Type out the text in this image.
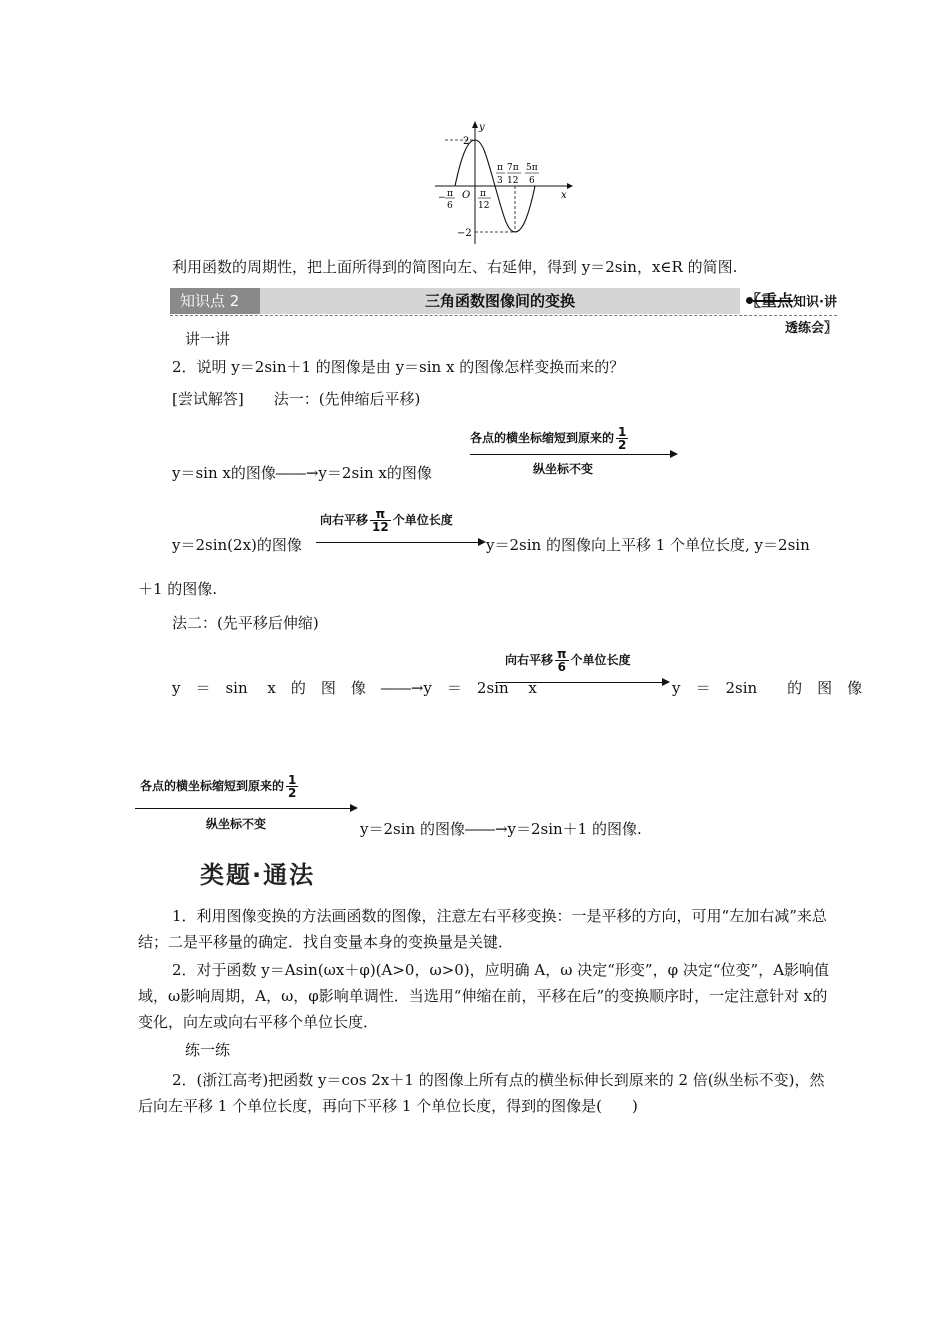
y
x
O
2
−2
− π
6
π
12
π
3
7π
12
5π
6
利用函数的周期性，把上面所得到的简图向左、右延伸，得到 y＝2sin，x∈R 的简图.
知识点 2	三角函数图像间的变换	〖重点知识·讲透练会〗
讲一讲
2．说明 y＝2sin＋1 的图像是由 y＝sin x 的图像怎样变换而来的？
[尝试解答]　　法一：(先伸缩后平移)
各点的横坐标缩短到原来的 $\frac{1}{2}$
纵坐标不变
y＝sin x的图像――→y＝2sin x的图像
向右平移 $\frac{\pi}{12}$ 个单位长度
y＝2sin(2x)的图像	y＝2sin 的图像向上平移 1 个单位长度, y＝2sin
＋1 的图像.
法二：(先平移后伸缩)
向右平移 $\frac{\pi}{6}$ 个单位长度
y　＝　sin　 x　的　图　像　――→y　＝　2sin　 x	y　＝　2sin　　的　图　像
各点的横坐标缩短到原来的 $\frac{1}{2}$
纵坐标不变	y＝2sin 的图像――→y＝2sin＋1 的图像.
类题·通法
1．利用图像变换的方法画函数的图像，注意左右平移变换：一是平移的方向，可用“左加右减”来总结；二是平移量的确定．找自变量本身的变换量是关键．
2．对于函数 y＝Asin(ωx＋φ)(A>0，ω>0)，应明确 A，ω 决定“形变”，φ 决定“位变”，A影响值域，ω影响周期，A，ω，φ影响单调性．当选用“伸缩在前，平移在后”的变换顺序时，一定注意针对 x的变化，向左或向右平移个单位长度．
练一练
2．(浙江高考)把函数 y＝cos 2x＋1 的图像上所有点的横坐标伸长到原来的 2 倍(纵坐标不变)，然后向左平移 1 个单位长度，再向下平移 1 个单位长度，得到的图像是(　　)
